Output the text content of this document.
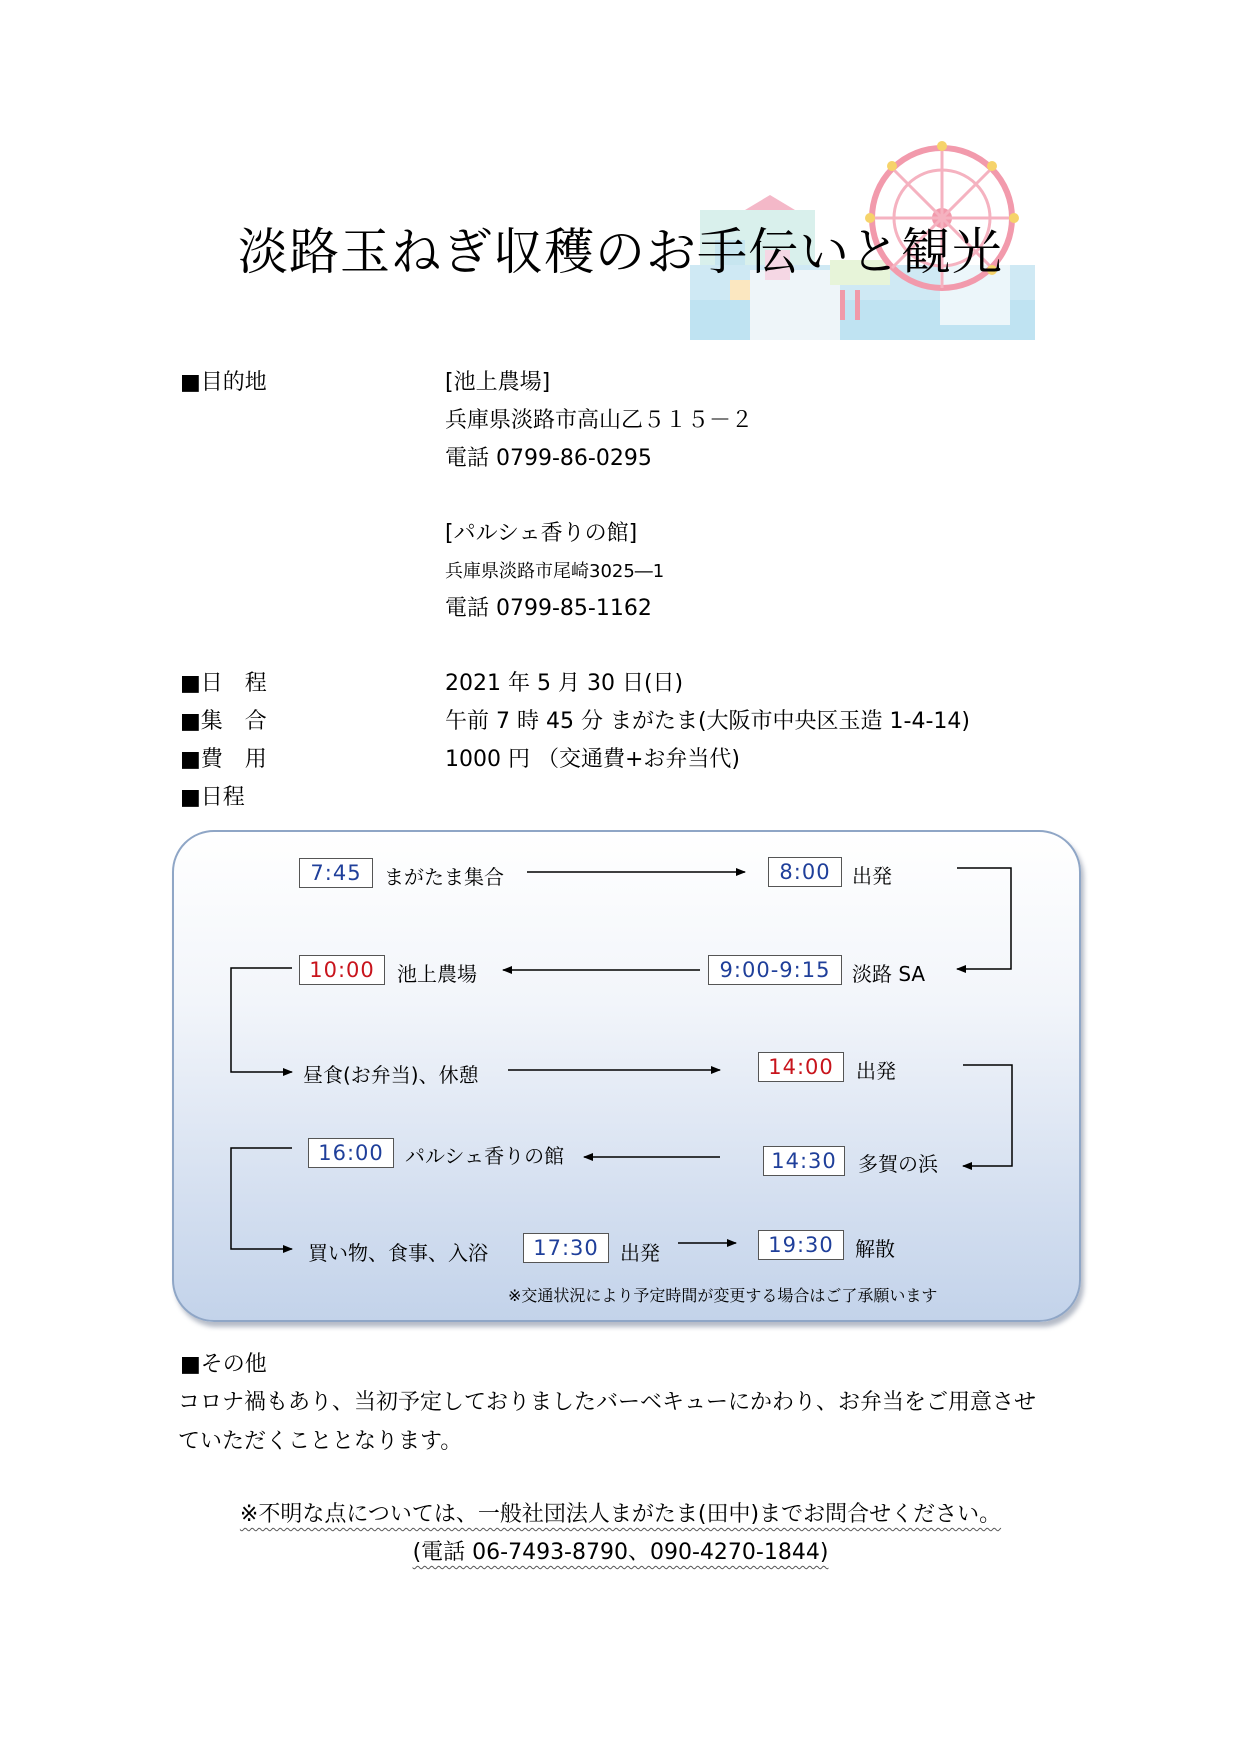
淡路玉ねぎ収穫のお手伝いと観光
■目的地	[池上農場]
兵庫県淡路市高山乙５１５－２
電話 0799-86-0295
[パルシェ香りの館]
兵庫県淡路市尾崎3025―1
電話 0799-85-1162
■日　程	2021 年 5 月 30 日(日)
■集　合	午前 7 時 45 分 まがたま(大阪市中央区玉造 1-4-14)
■費　用	1000 円 （交通費+お弁当代)
■日程
7:45	まがたま集合	8:00	出発
9:00-9:15	淡路 SA
10:00	池上農場
昼食(お弁当)、休憩	14:00	出発
14:30	多賀の浜
16:00	パルシェ香りの館
買い物、食事、入浴	17:30	出発	19:30	解散
※交通状況により予定時間が変更する場合はご了承願います
■その他
コロナ禍もあり、当初予定しておりましたバーベキューにかわり、お弁当をご用意させ
ていただくこととなります。
※不明な点については、一般社団法人まがたま(田中)までお問合せください。
(電話 06-7493-8790、090-4270-1844)
